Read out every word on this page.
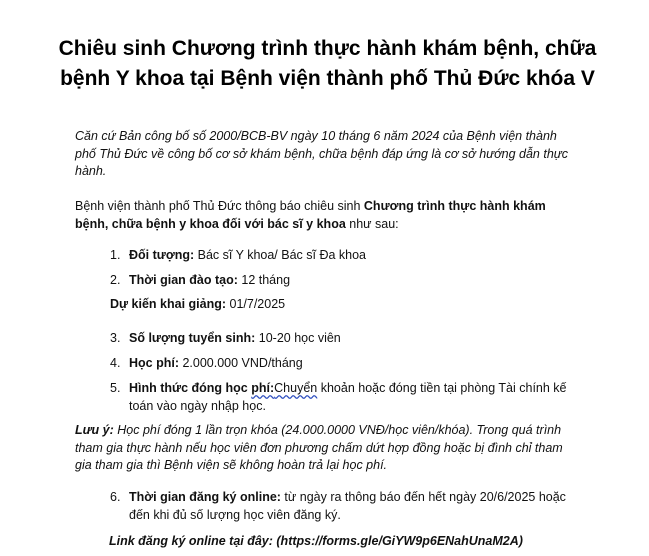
Chiêu sinh Chương trình thực hành khám bệnh, chữa bệnh Y khoa tại Bệnh viện thành phố Thủ Đức khóa V
Căn cứ Bản công bố số 2000/BCB-BV ngày 10 tháng 6 năm 2024 của Bệnh viện thành phố Thủ Đức về công bố cơ sở khám bệnh, chữa bệnh đáp ứng là cơ sở hướng dẫn thực hành.
Bệnh viện thành phố Thủ Đức thông báo chiêu sinh Chương trình thực hành khám bệnh, chữa bệnh y khoa đối với bác sĩ y khoa như sau:
1. Đối tượng: Bác sĩ Y khoa/ Bác sĩ Đa khoa
2. Thời gian đào tạo: 12 tháng
Dự kiến khai giảng: 01/7/2025
3. Số lượng tuyển sinh: 10-20 học viên
4. Học phí: 2.000.000 VND/tháng
5. Hình thức đóng học phí:Chuyển khoản hoặc đóng tiền tại phòng Tài chính kế toán vào ngày nhập học.
Lưu ý: Học phí đóng 1 lần trọn khóa (24.000.0000 VNĐ/học viên/khóa). Trong quá trình tham gia thực hành nếu học viên đơn phương chấm dứt hợp đồng hoặc bị đình chỉ tham gia tham gia thì Bệnh viện sẽ không hoàn trả lại học phí.
6. Thời gian đăng ký online: từ ngày ra thông báo đến hết ngày 20/6/2025 hoặc đến khi đủ số lượng học viên đăng ký.
Link đăng ký online tại đây: (https://forms.gle/GiYW9p6ENahUnaM2A)
